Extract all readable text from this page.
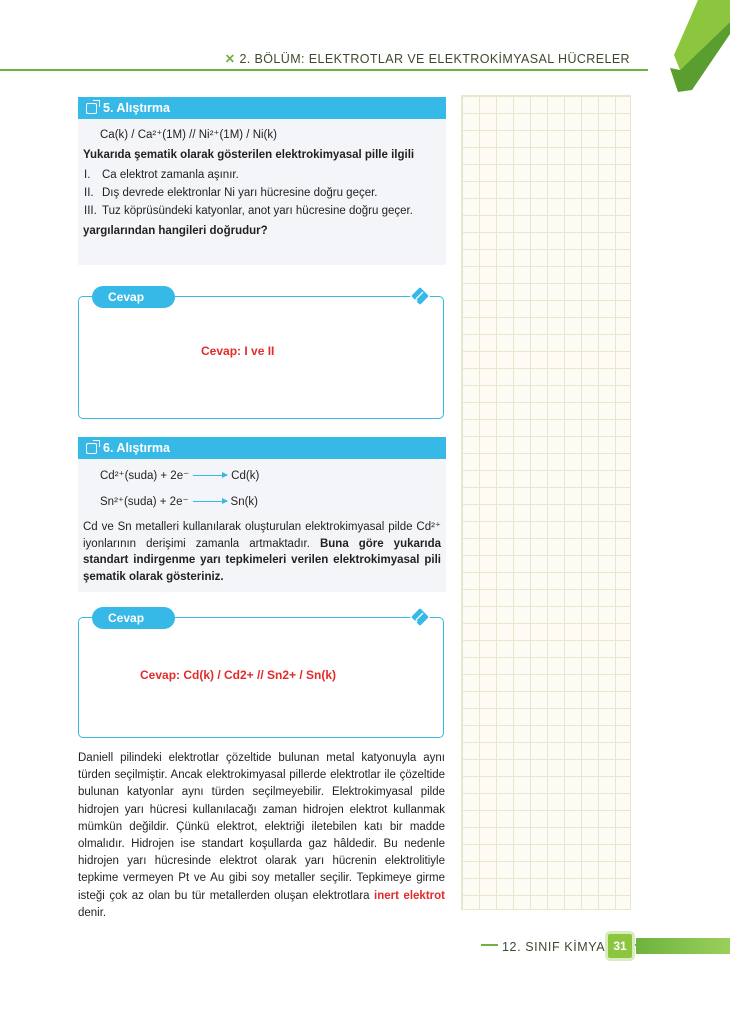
✕ 2. BÖLÜM: ELEKTROTLAR VE ELEKTROKİMYASAL HÜCRELER
5. Alıştırma
Ca(k) / Ca²⁺(1M) // Ni²⁺(1M) / Ni(k)
Yukarıda şematik olarak gösterilen elektrokimyasal pille ilgili
I. Ca elektrot zamanla aşınır.
II. Dış devrede elektronlar Ni yarı hücresine doğru geçer.
III. Tuz köprüsündeki katyonlar, anot yarı hücresine doğru geçer.
yargılarından hangileri doğrudur?
Cevap
Cevap: I ve II
6. Alıştırma
Cd²⁺(suda) + 2e⁻	Cd(k)
Sn²⁺(suda) + 2e⁻	Sn(k)
Cd ve Sn metalleri kullanılarak oluşturulan elektrokimyasal pilde Cd²⁺ iyonlarının derişimi zamanla artmaktadır. Buna göre yukarıda standart indirgenme yarı tepkimeleri verilen elektrokimyasal pili şematik olarak gösteriniz.
Cevap
Cevap: Cd(k) / Cd2+ // Sn2+ / Sn(k)
Daniell pilindeki elektrotlar çözeltide bulunan metal katyonuyla aynı türden seçilmiştir. Ancak elektrokimyasal pillerde elektrotlar ile çözeltide bulunan katyonlar aynı türden seçilmeyebilir. Elektrokimyasal pilde hidrojen yarı hücresi kullanılacağı zaman hidrojen elektrot kullanmak mümkün değildir. Çünkü elektrot, elektriği iletebilen katı bir madde olmalıdır. Hidrojen ise standart koşullarda gaz hâldedir. Bu nedenle hidrojen yarı hücresinde elektrot olarak yarı hücrenin elektrolitiyle tepkime vermeyen Pt ve Au gibi soy metaller seçilir. Tepkimeye girme isteği çok az olan bu tür metallerden oluşan elektrotlara inert elektrot denir.
12. SINIF KİMYA 31
